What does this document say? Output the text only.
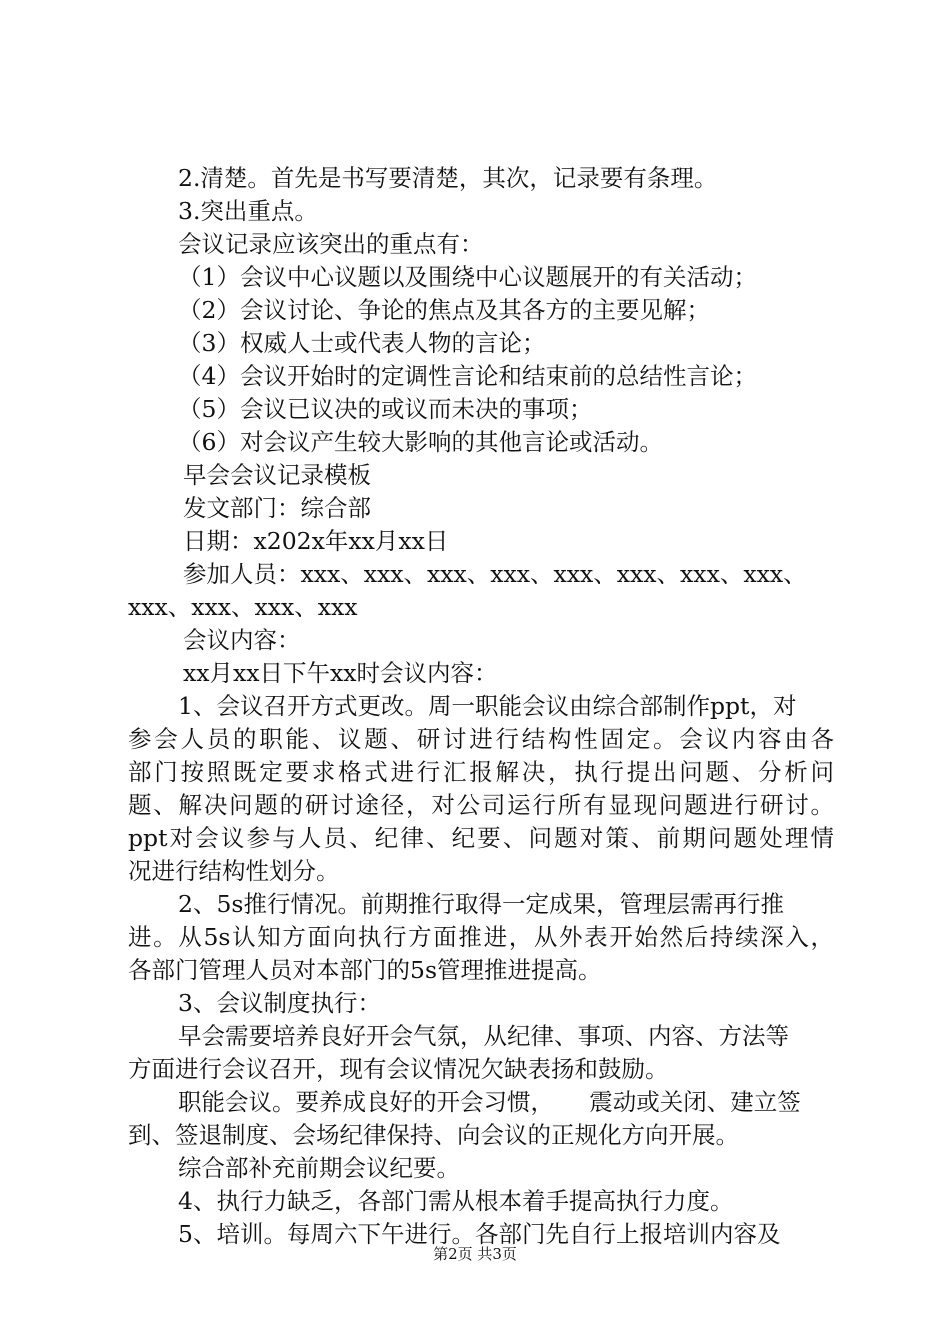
2.清楚。首先是书写要清楚，其次，记录要有条理。
3.突出重点。
会议记录应该突出的重点有：
（1）会议中心议题以及围绕中心议题展开的有关活动；
（2）会议讨论、争论的焦点及其各方的主要见解；
（3）权威人士或代表人物的言论；
（4）会议开始时的定调性言论和结束前的总结性言论；
（5）会议已议决的或议而未决的事项；
（6）对会议产生较大影响的其他言论或活动。
早会会议记录模板
发文部门：综合部
日期：x202x年xx月xx日
参加人员：xxx、xxx、xxx、xxx、xxx、xxx、xxx、xxx、
xxx、xxx、xxx、xxx
会议内容：
xx月xx日下午xx时会议内容：
1、会议召开方式更改。周一职能会议由综合部制作ppt，对
参会人员的职能、议题、研讨进行结构性固定。会议内容由各
部门按照既定要求格式进行汇报解决，执行提出问题、分析问
题、解决问题的研讨途径，对公司运行所有显现问题进行研讨。
ppt对会议参与人员、纪律、纪要、问题对策、前期问题处理情
况进行结构性划分。
2、5s推行情况。前期推行取得一定成果，管理层需再行推
进。从5s认知方面向执行方面推进，从外表开始然后持续深入，
各部门管理人员对本部门的5s管理推进提高。
3、会议制度执行：
早会需要培养良好开会气氛，从纪律、事项、内容、方法等
方面进行会议召开，现有会议情况欠缺表扬和鼓励。
职能会议。要养成良好的开会习惯，　　震动或关闭、建立签
到、签退制度、会场纪律保持、向会议的正规化方向开展。
综合部补充前期会议纪要。
4、执行力缺乏，各部门需从根本着手提高执行力度。
5、培训。每周六下午进行。各部门先自行上报培训内容及
第2页 共3页
